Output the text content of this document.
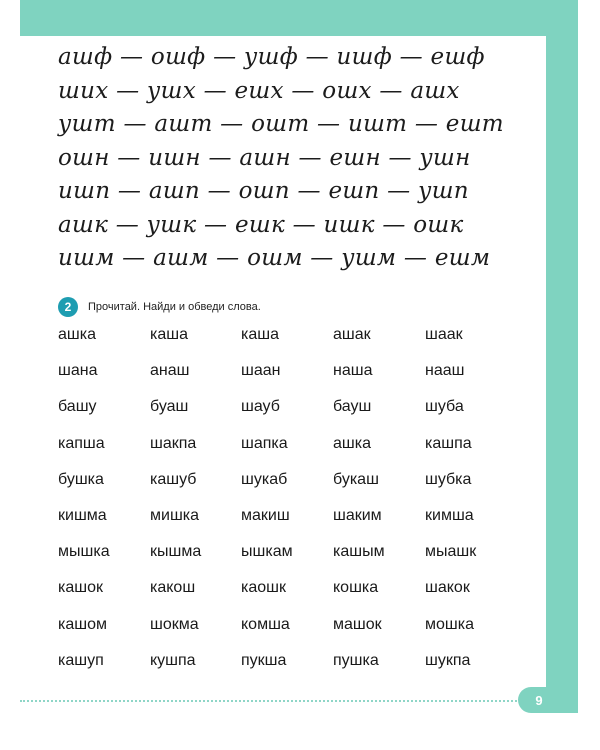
ашф — ошф — ушф — ишф — ешф
шиx — ушх — ешх — ошх — ашх
ушт — ашт — ошт — ишт — ешт
ошн — ишн — ашн — ешн — ушн
ишп — ашп — ошп — ешп — ушп
ашк — ушк — ешк — ишк — ошк
ишм — ашм — ошм — ушм — ешм
2	Прочитай. Найди и обведи слова.
ашка	каша	каша	ашак	шаак
шана	анаш	шаан	наша	нааш
башу	буаш	шауб	бауш	шуба
капша	шакпа	шапка	ашка	кашпа
бушка	кашуб	шукаб	букаш	шубка
кишма	мишка	макиш	шаким	кимша
мышка	кышма ышкам	кашым	мыашк
кашок	какош	каошк	кошка	шакок
кашом	шокма	комша	машок	мошка
кашуп	кушпа	пукша	пушка	шукпа
9
